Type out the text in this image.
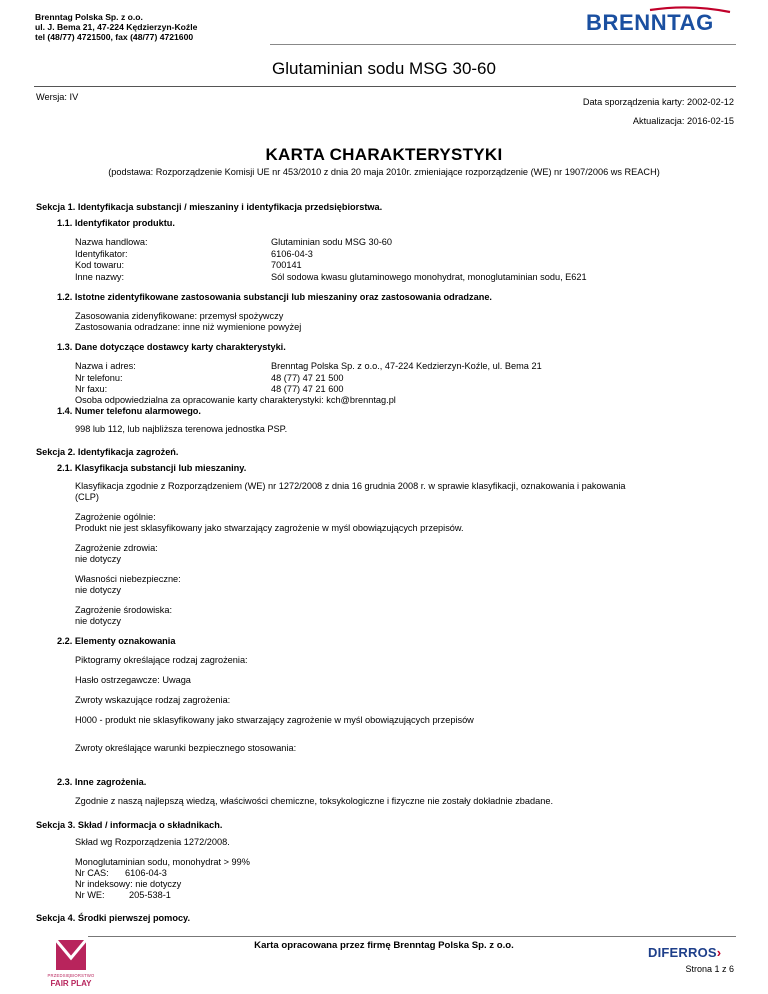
Brenntag Polska Sp. z o.o.
ul. J. Bema 21, 47-224 Kędzierzyn-Koźle
tel (48/77) 4721500, fax (48/77) 4721600
BRENNTAG
Glutaminian sodu MSG 30-60
Wersja: IV	Data sporządzenia karty: 2002-02-12
Aktualizacja: 2016-02-15
KARTA CHARAKTERYSTYKI
(podstawa: Rozporządzenie Komisji UE nr 453/2010 z dnia 20 maja 2010r. zmieniające rozporządzenie (WE) nr 1907/2006 ws REACH)
Sekcja 1. Identyfikacja substancji / mieszaniny i identyfikacja przedsiębiorstwa.
1.1. Identyfikator produktu.
Nazwa handlowa:	Glutaminian sodu MSG 30-60
Identyfikator:	6106-04-3
Kod towaru:	700141
Inne nazwy:	Sól sodowa kwasu glutaminowego monohydrat, monoglutaminian sodu, E621
1.2. Istotne zidentyfikowane zastosowania substancji lub mieszaniny oraz zastosowania odradzane.
Zasosowania zidenyfikowane: przemysł spożywczy
Zastosowania odradzane: inne niż wymienione powyżej
1.3. Dane dotyczące dostawcy karty charakterystyki.
Nazwa i adres:	Brenntag Polska Sp. z o.o., 47-224 Kedzierzyn-Koźle, ul. Bema 21
Nr telefonu:	48 (77) 47 21 500
Nr faxu:	48 (77) 47 21 600
Osoba odpowiedzialna za opracowanie karty charakterystyki: kch@brenntag.pl
1.4. Numer telefonu alarmowego.
998 lub 112, lub najbliższa terenowa jednostka PSP.
Sekcja 2. Identyfikacja zagrożeń.
2.1. Klasyfikacja substancji lub mieszaniny.
Klasyfikacja zgodnie z Rozporządzeniem (WE) nr 1272/2008 z dnia 16 grudnia 2008 r. w sprawie klasyfikacji, oznakowania i pakowania
(CLP)
Zagrożenie ogólnie:
Produkt nie jest sklasyfikowany jako stwarzający zagrożenie w myśl obowiązujących przepisów.
Zagrożenie zdrowia:
nie dotyczy
Własności niebezpieczne:
nie dotyczy
Zagrożenie środowiska:
nie dotyczy
2.2. Elementy oznakowania
Piktogramy określające rodzaj zagrożenia:
Hasło ostrzegawcze: Uwaga
Zwroty wskazujące rodzaj zagrożenia:
H000 - produkt nie sklasyfikowany jako stwarzający zagrożenie w myśl obowiązujących przepisów
Zwroty określające warunki bezpiecznego stosowania:
2.3. Inne zagrożenia.
Zgodnie z naszą najlepszą wiedzą, właściwości chemiczne, toksykologiczne i fizyczne nie zostały dokładnie zbadane.
Sekcja 3. Skład / informacja o składnikach.
Skład wg Rozporządzenia 1272/2008.
Monoglutaminian sodu, monohydrat > 99%
Nr CAS: 6106-04-3
Nr indeksowy: nie dotyczy
Nr WE:	205-538-1
Sekcja 4. Środki pierwszej pomocy.
PRZEDSIĘBIORSTWO
FAIR PLAY
Karta opracowana przez firmę Brenntag Polska Sp. z o.o.	DIFERROS›
Strona 1 z 6
